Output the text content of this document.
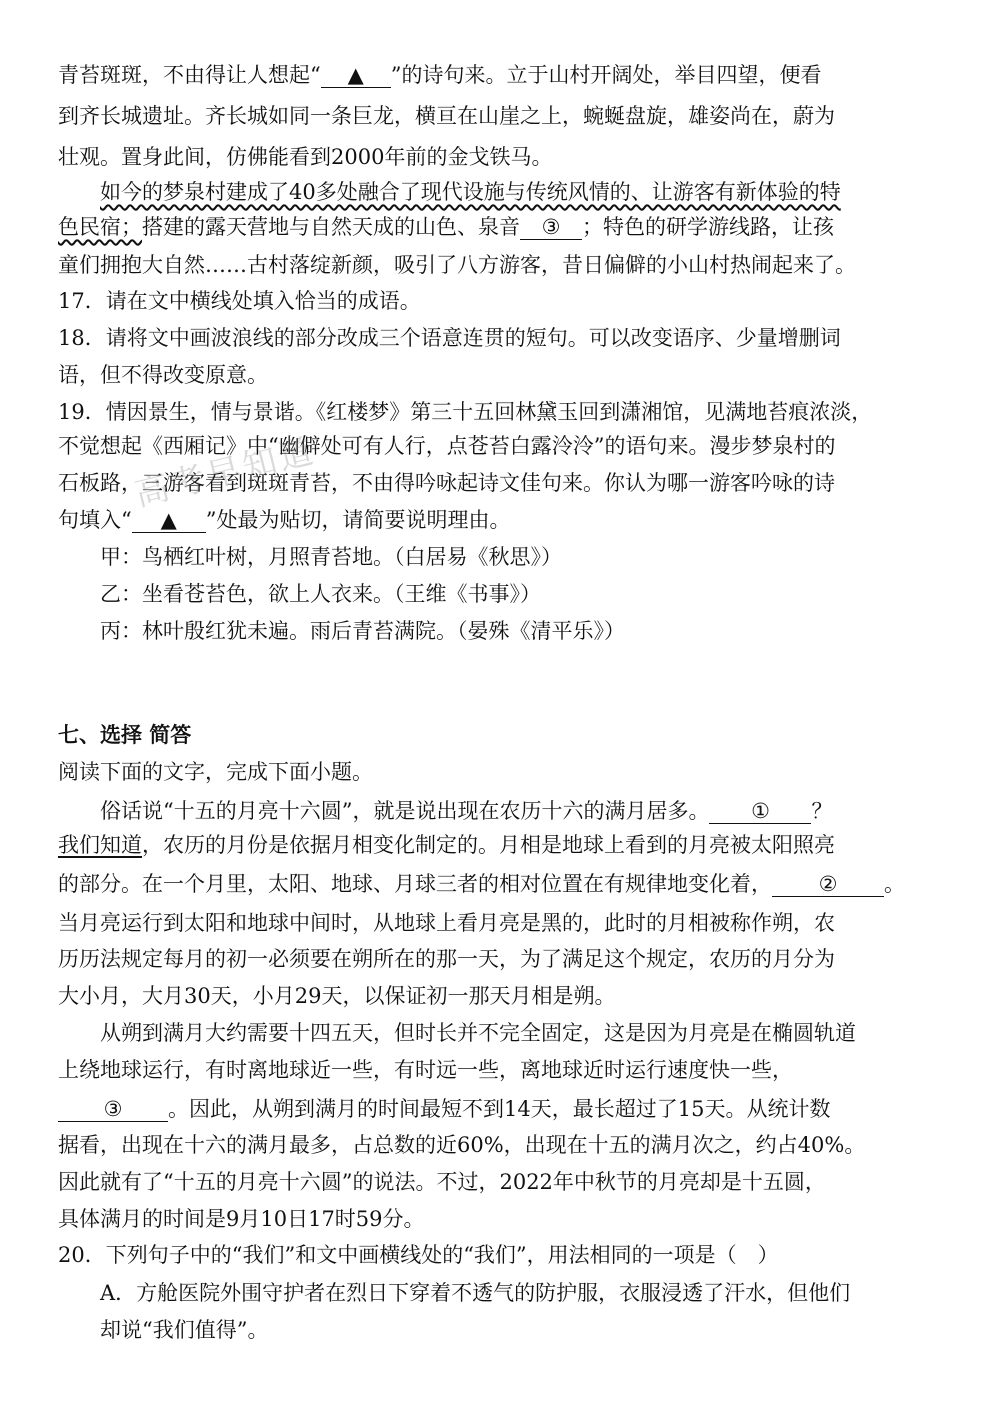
青苔斑斑，不由得让人想起“ ▲ ”的诗句来。立于山村开阔处，举目四望，便看
到齐长城遗址。齐长城如同一条巨龙，横亘在山崖之上，蜿蜒盘旋，雄姿尚在，蔚为
壮观。置身此间，仿佛能看到2000年前的金戈铁马。
如今的梦泉村建成了40多处融合了现代设施与传统风情的、让游客有新体验的特
色民宿；搭建的露天营地与自然天成的山色、泉音 ③ ；特色的研学游线路，让孩
童们拥抱大自然……古村落绽新颜，吸引了八方游客，昔日偏僻的小山村热闹起来了。
17．请在文中横线处填入恰当的成语。
18．请将文中画波浪线的部分改成三个语意连贯的短句。可以改变语序、少量增删词
语，但不得改变原意。
19．情因景生，情与景谐。《红楼梦》第三十五回林黛玉回到潇湘馆，见满地苔痕浓淡，
不觉想起《西厢记》中“幽僻处可有人行，点苍苔白露泠泠”的语句来。漫步梦泉村的
石板路，三游客看到斑斑青苔，不由得吟咏起诗文佳句来。你认为哪一游客吟咏的诗
句填入“ ▲ ”处最为贴切，请简要说明理由。
甲：鸟栖红叶树，月照青苔地。（白居易《秋思》）
乙：坐看苍苔色，欲上人衣来。（王维《书事》）
丙：林叶殷红犹未遍。雨后青苔满院。（晏殊《清平乐》）
七、选择 简答
阅读下面的文字，完成下面小题。
俗话说“十五的月亮十六圆”，就是说出现在农历十六的满月居多。 ① ？
我们知道，农历的月份是依据月相变化制定的。月相是地球上看到的月亮被太阳照亮
的部分。在一个月里，太阳、地球、月球三者的相对位置在有规律地变化着， ② 。
当月亮运行到太阳和地球中间时，从地球上看月亮是黑的，此时的月相被称作朔，农
历历法规定每月的初一必须要在朔所在的那一天，为了满足这个规定，农历的月分为
大小月，大月30天，小月29天，以保证初一那天月相是朔。
从朔到满月大约需要十四五天，但时长并不完全固定，这是因为月亮是在椭圆轨道
上绕地球运行，有时离地球近一些，有时远一些，离地球近时运行速度快一些，
③ 。因此，从朔到满月的时间最短不到14天，最长超过了15天。从统计数
据看，出现在十六的满月最多，占总数的近60%，出现在十五的满月次之，约占40%。
因此就有了“十五的月亮十六圆”的说法。不过，2022年中秋节的月亮却是十五圆，
具体满月的时间是9月10日17时59分。
20．下列句子中的“我们”和文中画横线处的“我们”，用法相同的一项是（　）
A．方舱医院外围守护者在烈日下穿着不透气的防护服，衣服浸透了汗水，但他们
却说“我们值得”。
高考早知道
